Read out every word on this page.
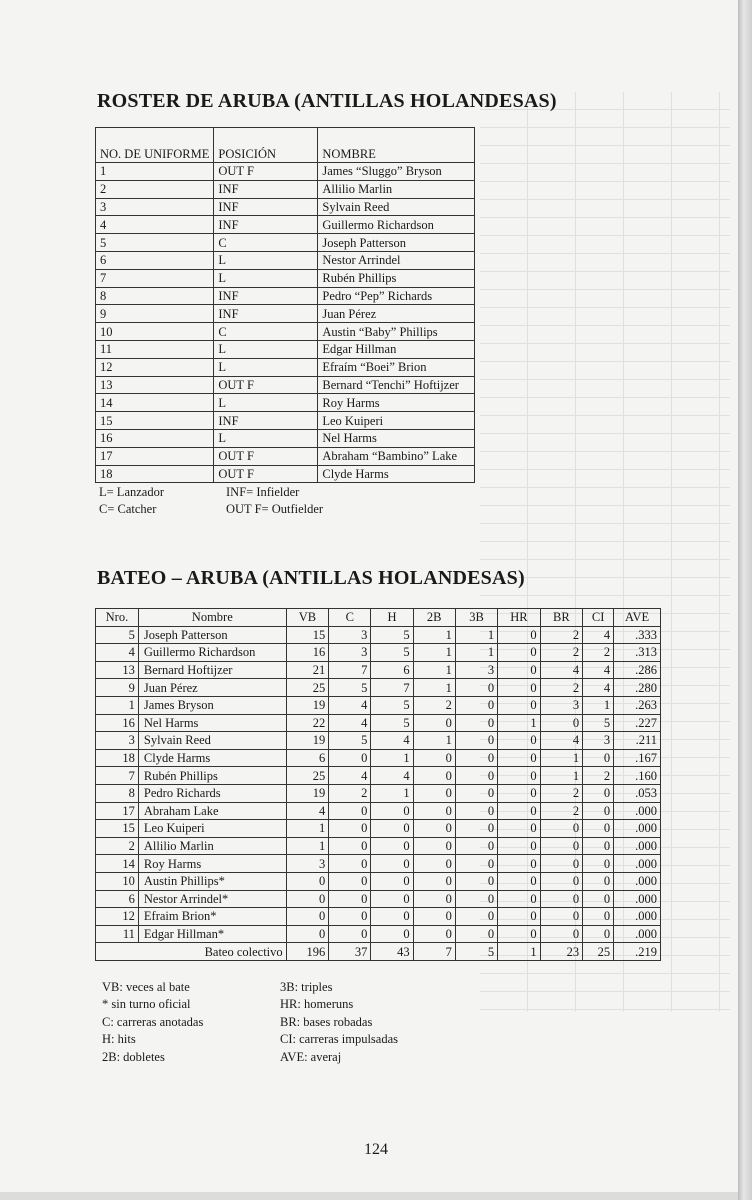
ROSTER DE ARUBA (ANTILLAS HOLANDESAS)
NO. DE UNIFORME	POSICIÓN	NOMBRE
1	OUT F	James “Sluggo” Bryson
2	INF	Allilio Marlin
3	INF	Sylvain Reed
4	INF	Guillermo Richardson
5	C	Joseph Patterson
6	L	Nestor Arrindel
7	L	Rubén Phillips
8	INF	Pedro “Pep” Richards
9	INF	Juan Pérez
10	C	Austin “Baby” Phillips
11	L	Edgar Hillman
12	L	Efraím “Boei” Brion
13	OUT F	Bernard “Tenchi” Hoftijzer
14	L	Roy Harms
15	INF	Leo Kuiperi
16	L	Nel Harms
17	OUT F	Abraham “Bambino” Lake
18	OUT F	Clyde Harms
L= Lanzador
C= Catcher
INF= Infielder
OUT F= Outfielder
BATEO – ARUBA (ANTILLAS HOLANDESAS)
Nro.	Nombre	VB	C	H	2B	3B	HR	BR	CI	AVE
5	Joseph Patterson	15	3	5	1	1	0	2	4	.333
4	Guillermo Richardson	16	3	5	1	1	0	2	2	.313
13	Bernard Hoftijzer	21	7	6	1	3	0	4	4	.286
9	Juan Pérez	25	5	7	1	0	0	2	4	.280
1	James Bryson	19	4	5	2	0	0	3	1	.263
16	Nel Harms	22	4	5	0	0	1	0	5	.227
3	Sylvain Reed	19	5	4	1	0	0	4	3	.211
18	Clyde Harms	6	0	1	0	0	0	1	0	.167
7	Rubén Phillips	25	4	4	0	0	0	1	2	.160
8	Pedro Richards	19	2	1	0	0	0	2	0	.053
17	Abraham Lake	4	0	0	0	0	0	2	0	.000
15	Leo Kuiperi	1	0	0	0	0	0	0	0	.000
2	Allilio Marlin	1	0	0	0	0	0	0	0	.000
14	Roy Harms	3	0	0	0	0	0	0	0	.000
10	Austin Phillips*	0	0	0	0	0	0	0	0	.000
6	Nestor Arrindel*	0	0	0	0	0	0	0	0	.000
12	Efraim Brion*	0	0	0	0	0	0	0	0	.000
11	Edgar Hillman*	0	0	0	0	0	0	0	0	.000
Bateo colectivo		196	37	43	7	5	1	23	25	.219
VB: veces al bate
* sin turno oficial
C: carreras anotadas
H: hits
2B: dobletes
3B: triples
HR: homeruns
BR: bases robadas
CI: carreras impulsadas
AVE: averaj
124
